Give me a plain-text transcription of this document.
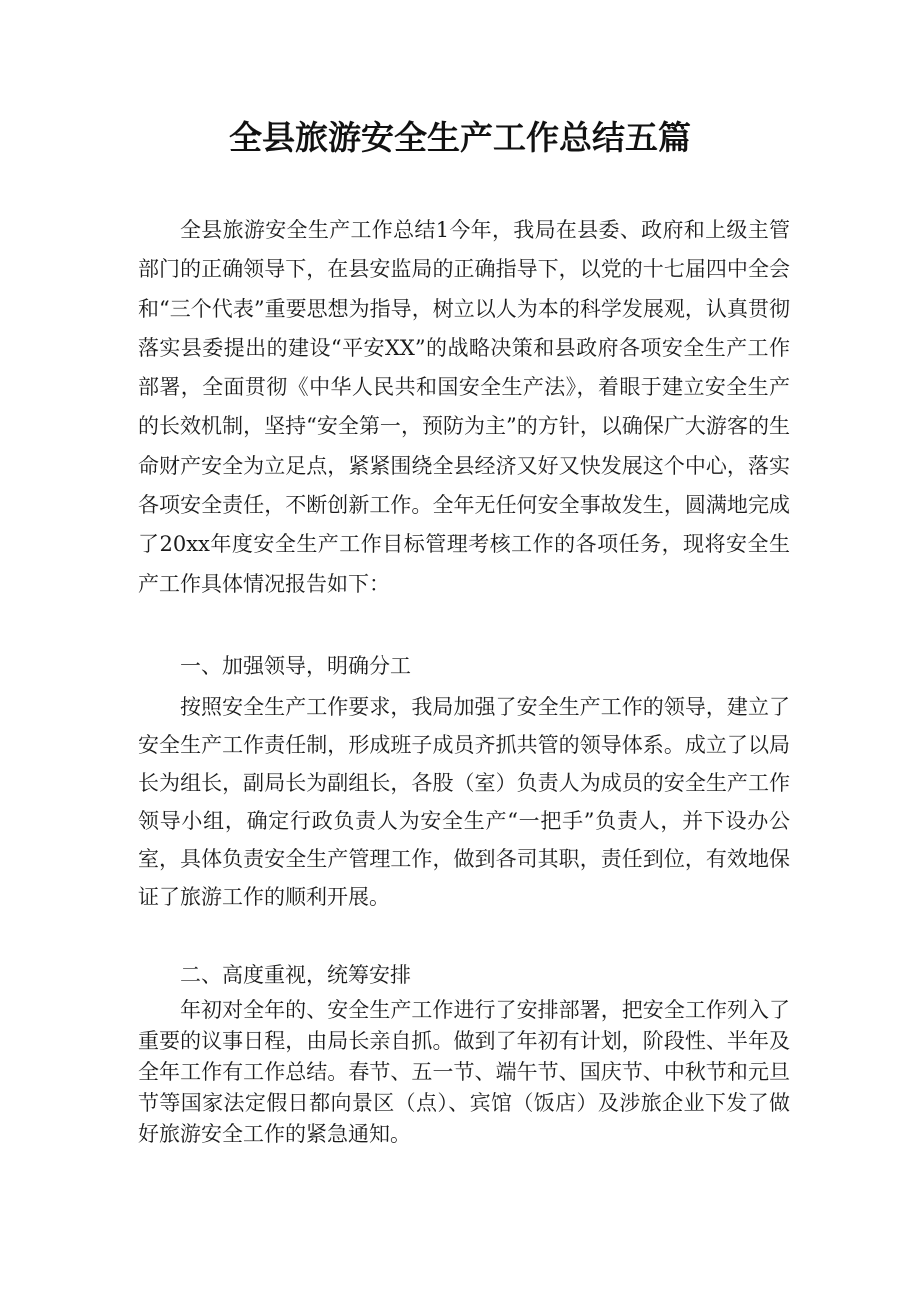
全县旅游安全生产工作总结五篇

全县旅游安全生产工作总结1今年，我局在县委、政府和上级主管部门的正确领导下，在县安监局的正确指导下，以党的十七届四中全会和“三个代表”重要思想为指导，树立以人为本的科学发展观，认真贯彻落实县委提出的建设“平安XX”的战略决策和县政府各项安全生产工作部署，全面贯彻《中华人民共和国安全生产法》，着眼于建立安全生产的长效机制，坚持“安全第一，预防为主”的方针，以确保广大游客的生命财产安全为立足点，紧紧围绕全县经济又好又快发展这个中心，落实各项安全责任，不断创新工作。全年无任何安全事故发生，圆满地完成了20xx年度安全生产工作目标管理考核工作的各项任务，现将安全生产工作具体情况报告如下：

一、加强领导，明确分工

按照安全生产工作要求，我局加强了安全生产工作的领导，建立了安全生产工作责任制，形成班子成员齐抓共管的领导体系。成立了以局长为组长，副局长为副组长，各股（室）负责人为成员的安全生产工作领导小组，确定行政负责人为安全生产“一把手”负责人，并下设办公室，具体负责安全生产管理工作，做到各司其职，责任到位，有效地保证了旅游工作的顺利开展。

二、高度重视，统筹安排

年初对全年的、安全生产工作进行了安排部署，把安全工作列入了重要的议事日程，由局长亲自抓。做到了年初有计划，阶段性、半年及全年工作有工作总结。春节、五一节、端午节、国庆节、中秋节和元旦节等国家法定假日都向景区（点）、宾馆（饭店）及涉旅企业下发了做好旅游安全工作的紧急通知。
